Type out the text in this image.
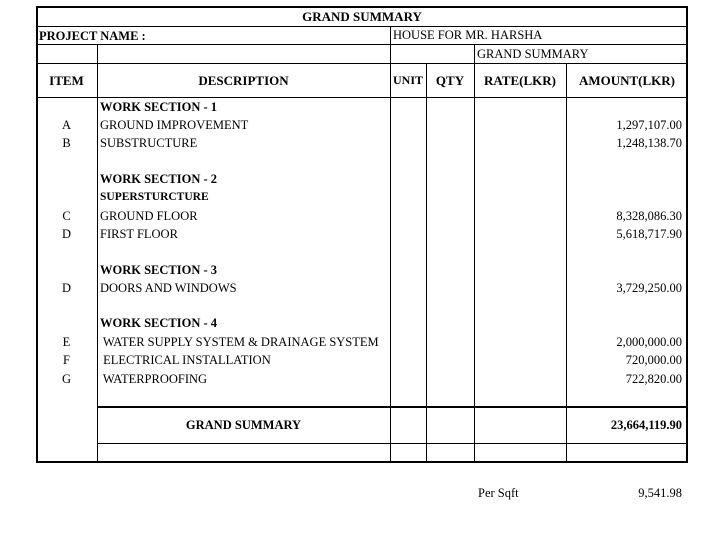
GRAND SUMMARY
PROJECT NAME :	HOUSE FOR MR. HARSHA
GRAND SUMMARY
ITEM	DESCRIPTION	UNIT QTY	RATE(LKR)	AMOUNT(LKR)
WORK SECTION - 1
A	GROUND IMPROVEMENT	1,297,107.00
B	SUBSTRUCTURE	1,248,138.70
WORK SECTION - 2
SUPERSTURCTURE
C	GROUND FLOOR	8,328,086.30
D	FIRST FLOOR	5,618,717.90
WORK SECTION - 3
D	DOORS AND WINDOWS	3,729,250.00
WORK SECTION - 4
E	WATER SUPPLY SYSTEM & DRAINAGE SYSTEM	2,000,000.00
F	ELECTRICAL INSTALLATION	720,000.00
G	WATERPROOFING	722,820.00
GRAND SUMMARY	23,664,119.90
Per Sqft	9,541.98
